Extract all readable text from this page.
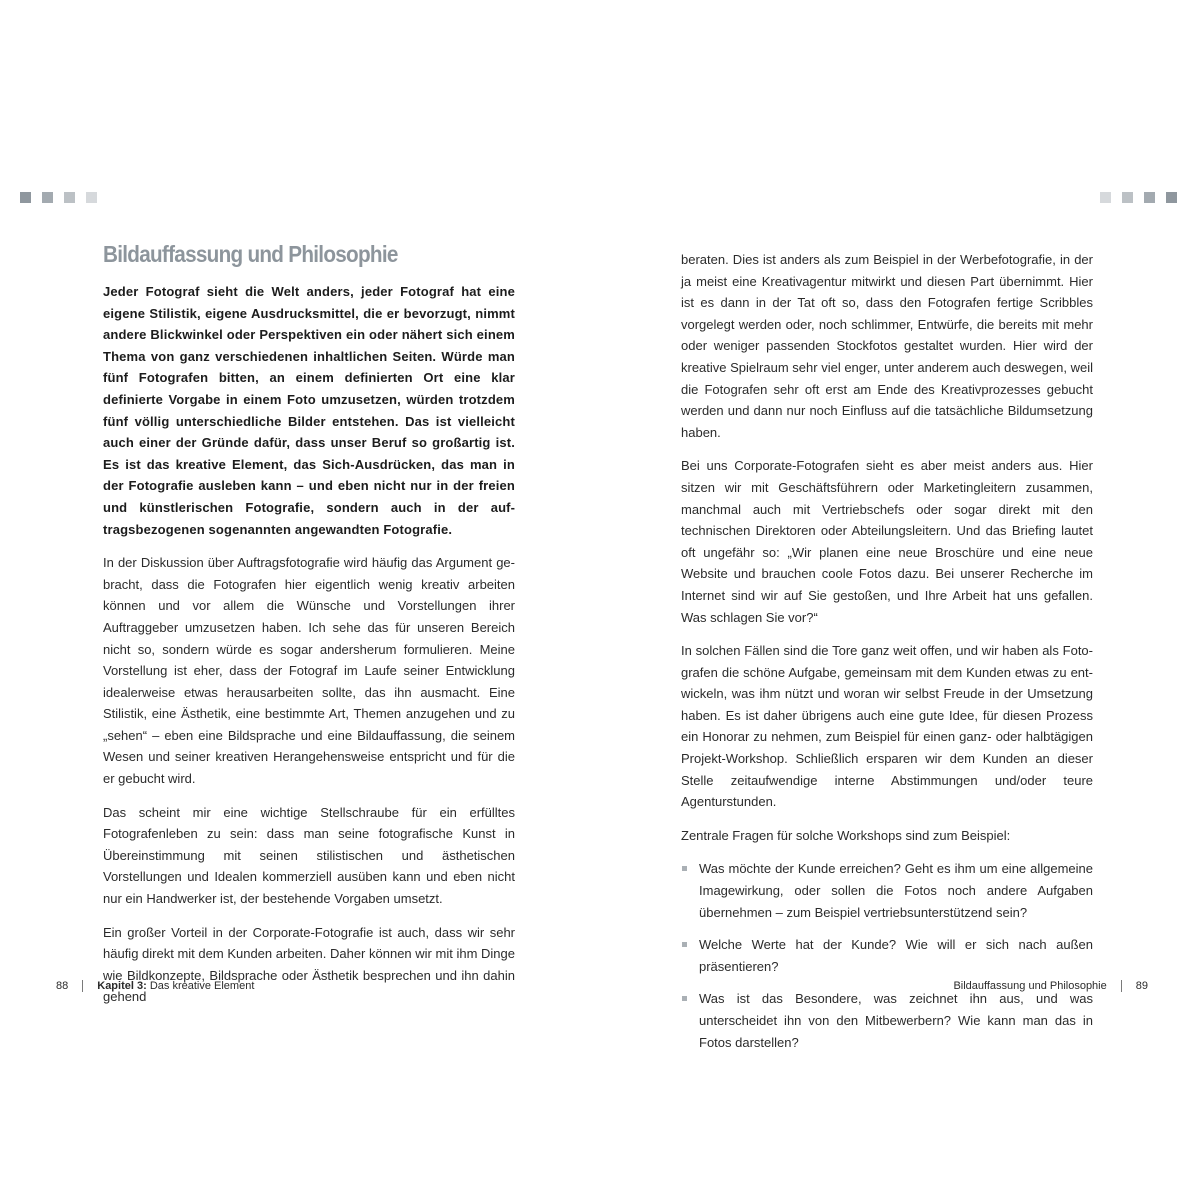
Bildauffassung und Philosophie

Jeder Fotograf sieht die Welt anders, jeder Fotograf hat eine eigene Stilistik, eigene Ausdrucksmittel, die er bevorzugt, nimmt andere Blickwinkel oder Perspektiven ein oder nähert sich einem Thema von ganz verschiedenen inhaltlichen Seiten. Würde man fünf Fotografen bitten, an einem definierten Ort eine klar definierte Vorgabe in einem Foto umzusetzen, würden trotzdem fünf völlig unterschiedliche Bilder entstehen. Das ist vielleicht auch einer der Gründe dafür, dass unser Beruf so großartig ist. Es ist das kreative Element, das Sich-Ausdrücken, das man in der Fotografie ausleben kann – und eben nicht nur in der freien und künstlerischen Fotografie, sondern auch in der auftragsbezogenen sogenannten angewandten Fotografie.

In der Diskussion über Auftragsfotografie wird häufig das Argument gebracht, dass die Fotografen hier eigentlich wenig kreativ arbeiten können und vor allem die Wünsche und Vorstellungen ihrer Auftraggeber umzusetzen haben. Ich sehe das für unseren Bereich nicht so, sondern würde es sogar andersherum formulieren. Meine Vorstellung ist eher, dass der Fotograf im Laufe seiner Entwicklung idealerweise etwas herausarbeiten sollte, das ihn ausmacht. Eine Stilistik, eine Ästhetik, eine bestimmte Art, Themen anzugehen und zu „sehen“ – eben eine Bildsprache und eine Bildauffassung, die seinem Wesen und seiner kreativen Herangehensweise entspricht und für die er gebucht wird.

Das scheint mir eine wichtige Stellschraube für ein erfülltes Fotografenleben zu sein: dass man seine fotografische Kunst in Übereinstimmung mit seinen stilistischen und ästhetischen Vorstellungen und Idealen kommerziell ausüben kann und eben nicht nur ein Handwerker ist, der bestehende Vorgaben umsetzt.

Ein großer Vorteil in der Corporate-Fotografie ist auch, dass wir sehr häufig direkt mit dem Kunden arbeiten. Daher können wir mit ihm Dinge wie Bildkonzepte, Bildsprache oder Ästhetik besprechen und ihn dahin gehend

beraten. Dies ist anders als zum Beispiel in der Werbefotografie, in der ja meist eine Kreativagentur mitwirkt und diesen Part übernimmt. Hier ist es dann in der Tat oft so, dass den Fotografen fertige Scribbles vorgelegt werden oder, noch schlimmer, Entwürfe, die bereits mit mehr oder weniger passenden Stockfotos gestaltet wurden. Hier wird der kreative Spielraum sehr viel enger, unter anderem auch deswegen, weil die Fotografen sehr oft erst am Ende des Kreativprozesses gebucht werden und dann nur noch Einfluss auf die tatsächliche Bildumsetzung haben.

Bei uns Corporate-Fotografen sieht es aber meist anders aus. Hier sitzen wir mit Geschäftsführern oder Marketingleitern zusammen, manchmal auch mit Vertriebschefs oder sogar direkt mit den technischen Direktoren oder Abteilungsleitern. Und das Briefing lautet oft ungefähr so: „Wir planen eine neue Broschüre und eine neue Website und brauchen coole Fotos dazu. Bei unserer Recherche im Internet sind wir auf Sie gestoßen, und Ihre Arbeit hat uns gefallen. Was schlagen Sie vor?“

In solchen Fällen sind die Tore ganz weit offen, und wir haben als Fotografen die schöne Aufgabe, gemeinsam mit dem Kunden etwas zu entwickeln, was ihm nützt und woran wir selbst Freude in der Umsetzung haben. Es ist daher übrigens auch eine gute Idee, für diesen Prozess ein Honorar zu nehmen, zum Beispiel für einen ganz- oder halbtägigen Projekt-Workshop. Schließlich ersparen wir dem Kunden an dieser Stelle zeitaufwendige interne Abstimmungen und/oder teure Agenturstunden.

Zentrale Fragen für solche Workshops sind zum Beispiel:

Was möchte der Kunde erreichen? Geht es ihm um eine allgemeine Imagewirkung, oder sollen die Fotos noch andere Aufgaben übernehmen – zum Beispiel vertriebsunterstützend sein?
Welche Werte hat der Kunde? Wie will er sich nach außen präsentieren?
Was ist das Besondere, was zeichnet ihn aus, und was unterscheidet ihn von den Mitbewerbern? Wie kann man das in Fotos darstellen?
88	Kapitel 3: Das kreative Element	Bildauffassung und Philosophie	89
